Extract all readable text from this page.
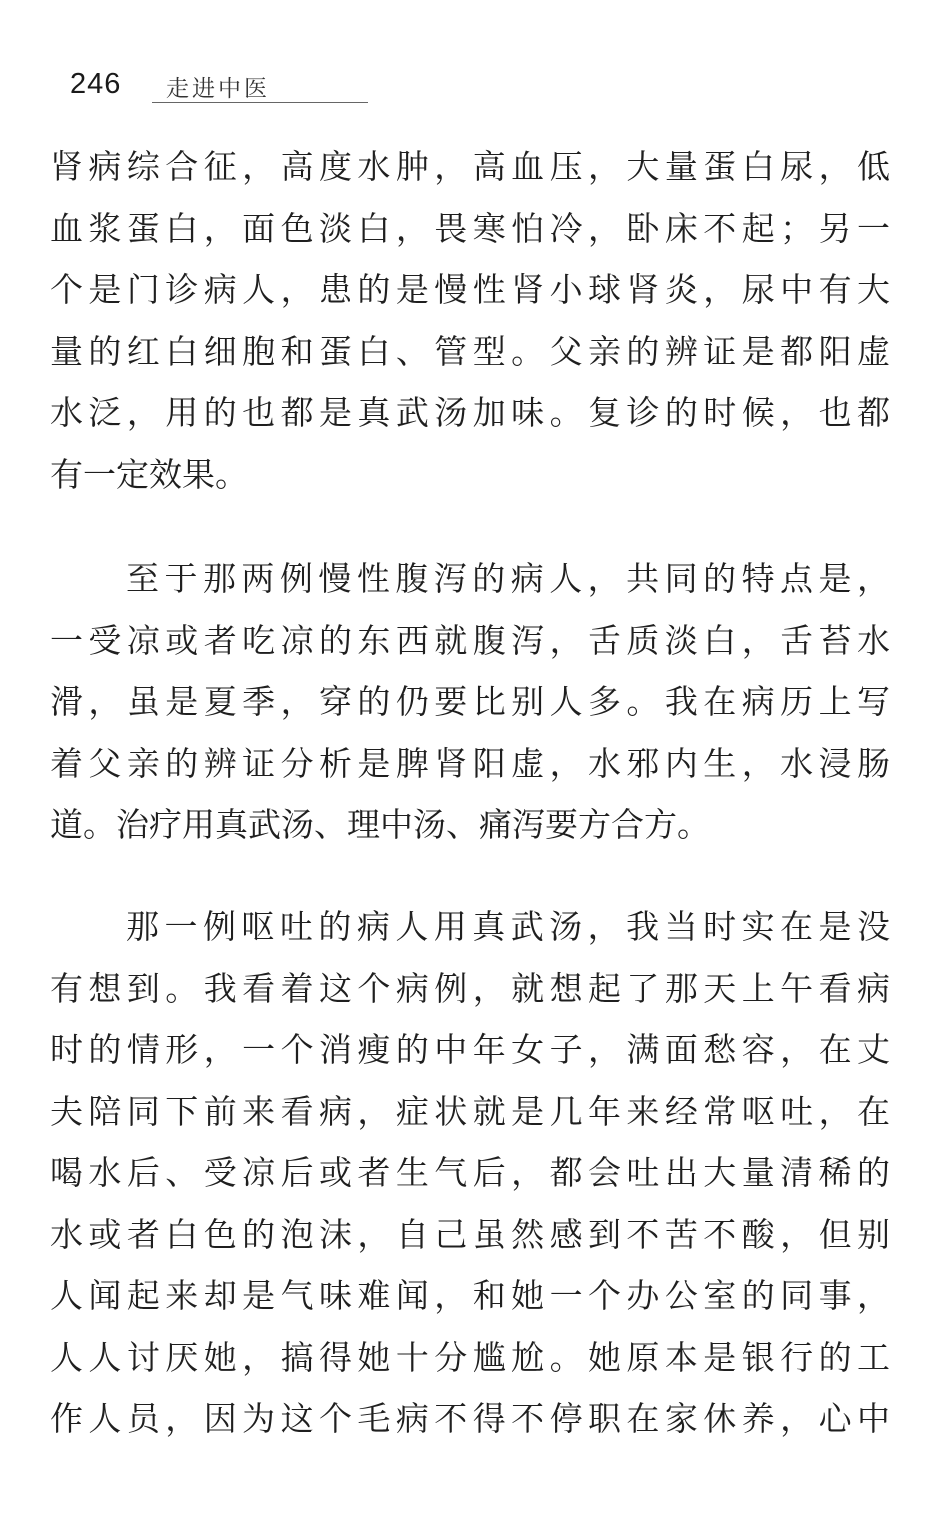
246 走进中医
肾病综合征，高度水肿，高血压，大量蛋白尿，低
血浆蛋白，面色淡白，畏寒怕冷，卧床不起；另一
个是门诊病人，患的是慢性肾小球肾炎，尿中有大
量的红白细胞和蛋白、管型。父亲的辨证是都阳虚
水泛，用的也都是真武汤加味。复诊的时候，也都
有一定效果。
至于那两例慢性腹泻的病人，共同的特点是，
一受凉或者吃凉的东西就腹泻，舌质淡白，舌苔水
滑，虽是夏季，穿的仍要比别人多。我在病历上写
着父亲的辨证分析是脾肾阳虚，水邪内生，水浸肠
道。治疗用真武汤、理中汤、痛泻要方合方。
那一例呕吐的病人用真武汤，我当时实在是没
有想到。我看着这个病例，就想起了那天上午看病
时的情形，一个消瘦的中年女子，满面愁容，在丈
夫陪同下前来看病，症状就是几年来经常呕吐，在
喝水后、受凉后或者生气后，都会吐出大量清稀的
水或者白色的泡沫，自己虽然感到不苦不酸，但别
人闻起来却是气味难闻，和她一个办公室的同事，
人人讨厌她，搞得她十分尴尬。她原本是银行的工
作人员，因为这个毛病不得不停职在家休养，心中
